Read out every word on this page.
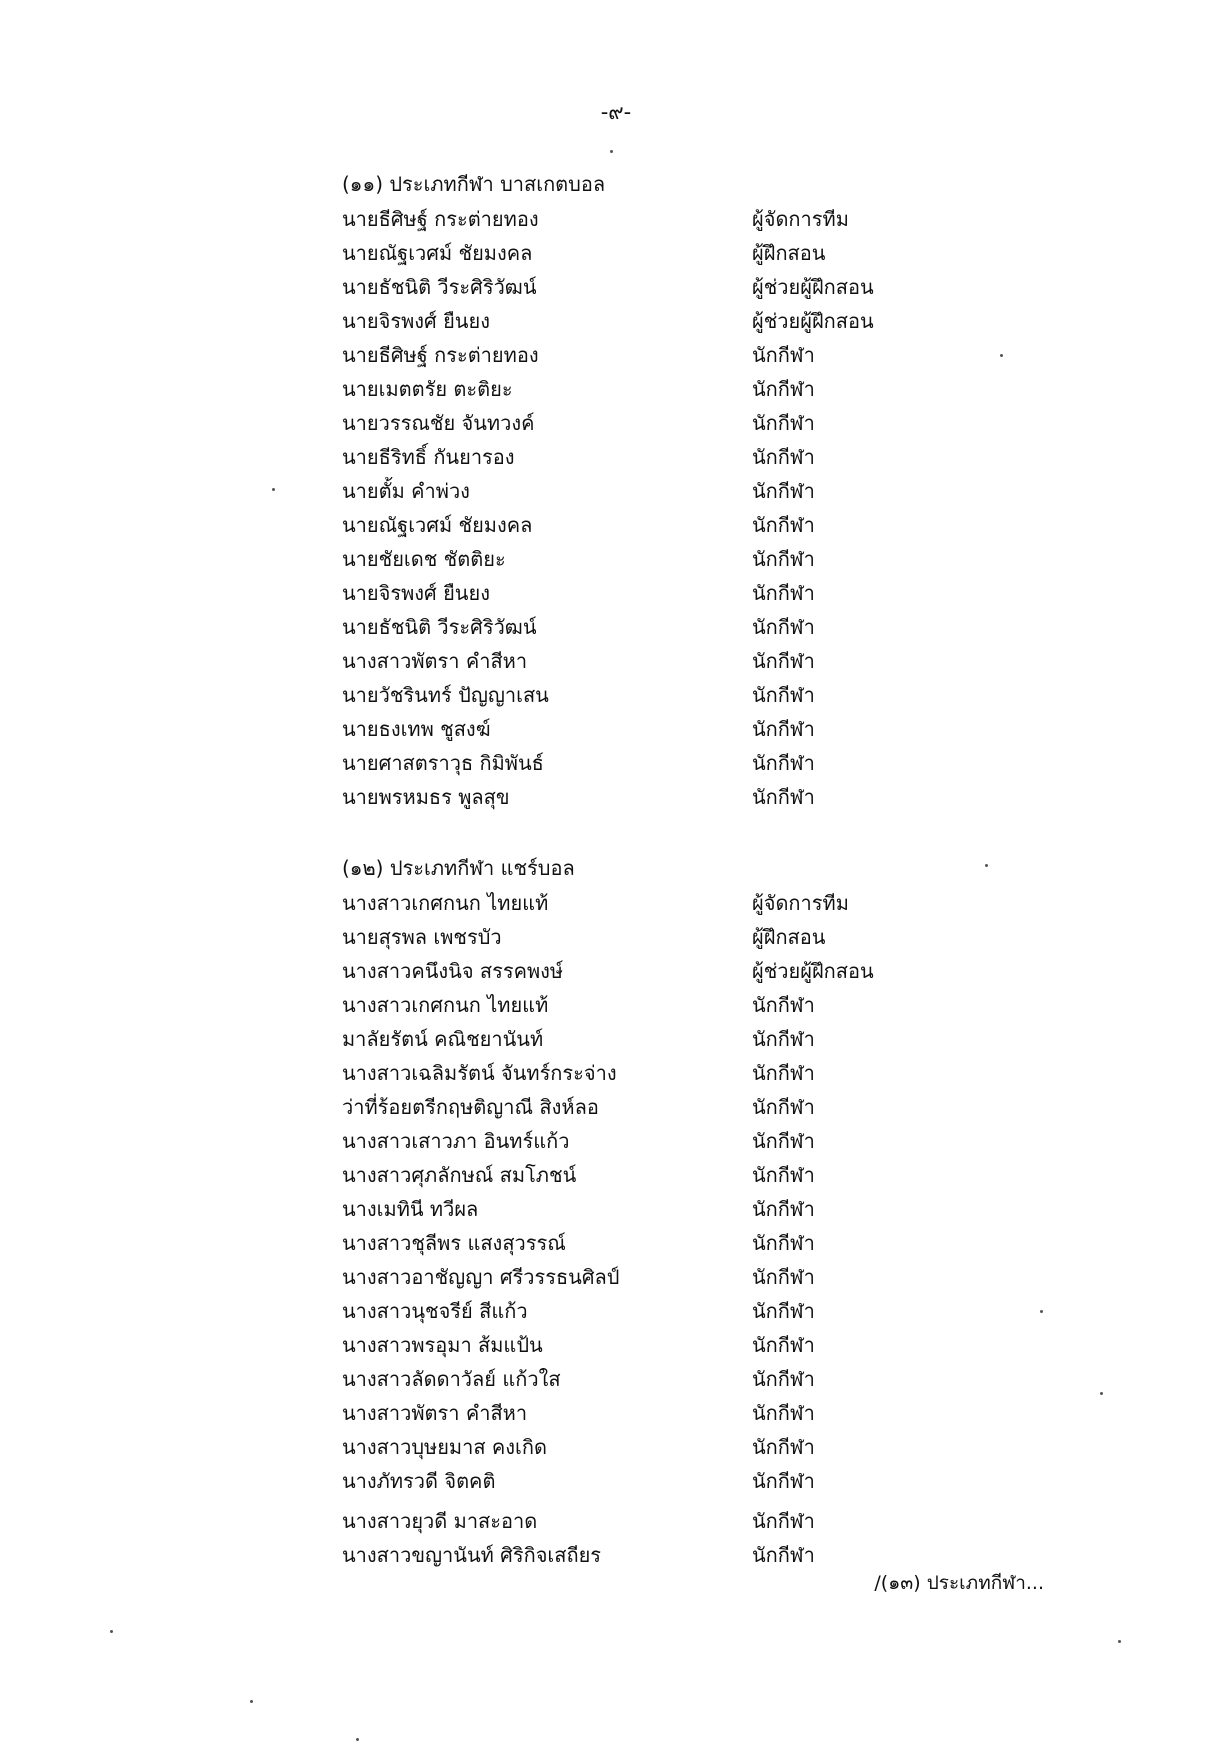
-๙-
(๑๑) ประเภทกีฬา บาสเกตบอล
นายธีศิษฐ์ กระต่ายทอง	ผู้จัดการทีม
นายณัฐเวศม์ ชัยมงคล	ผู้ฝึกสอน
นายธัชนิติ วีระศิริวัฒน์	ผู้ช่วยผู้ฝึกสอน
นายจิรพงศ์ ยืนยง	ผู้ช่วยผู้ฝึกสอน
นายธีศิษฐ์ กระต่ายทอง	นักกีฬา
นายเมตตรัย ตะติยะ	นักกีฬา
นายวรรณชัย จันทวงค์	นักกีฬา
นายธีริทธิ์ กันยารอง	นักกีฬา
นายตั้ม คำพ่วง	นักกีฬา
นายณัฐเวศม์ ชัยมงคล	นักกีฬา
นายชัยเดช ชัตติยะ	นักกีฬา
นายจิรพงศ์ ยืนยง	นักกีฬา
นายธัชนิติ วีระศิริวัฒน์	นักกีฬา
นางสาวพัตรา คำสีหา	นักกีฬา
นายวัชรินทร์ ปัญญาเสน	นักกีฬา
นายธงเทพ ชูสงฆ์	นักกีฬา
นายศาสตราวุธ กิมิพันธ์	นักกีฬา
นายพรหมธร พูลสุข	นักกีฬา
(๑๒) ประเภทกีฬา แชร์บอล
นางสาวเกศกนก ไทยแท้	ผู้จัดการทีม
นายสุรพล เพชรบัว	ผู้ฝึกสอน
นางสาวคนึงนิจ สรรคพงษ์	ผู้ช่วยผู้ฝึกสอน
นางสาวเกศกนก ไทยแท้	นักกีฬา
มาลัยรัตน์ คณิชยานันท์	นักกีฬา
นางสาวเฉลิมรัตน์ จันทร์กระจ่าง	นักกีฬา
ว่าที่ร้อยตรีกฤษติญาณี สิงห์ลอ	นักกีฬา
นางสาวเสาวภา อินทร์แก้ว	นักกีฬา
นางสาวศุภลักษณ์ สมโภชน์	นักกีฬา
นางเมทินี ทวีผล	นักกีฬา
นางสาวชุลีพร แสงสุวรรณ์	นักกีฬา
นางสาวอาชัญญา ศรีวรรธนศิลป์	นักกีฬา
นางสาวนุชจรีย์ สีแก้ว	นักกีฬา
นางสาวพรอุมา ส้มแป้น	นักกีฬา
นางสาวลัดดาวัลย์ แก้วใส	นักกีฬา
นางสาวพัตรา คำสีหา	นักกีฬา
นางสาวบุษยมาส คงเกิด	นักกีฬา
นางภัทรวดี จิตคติ	นักกีฬา
นางสาวยุวดี มาสะอาด	นักกีฬา
นางสาวขญานันท์ ศิริกิจเสถียร	นักกีฬา
/(๑๓) ประเภทกีฬา...
